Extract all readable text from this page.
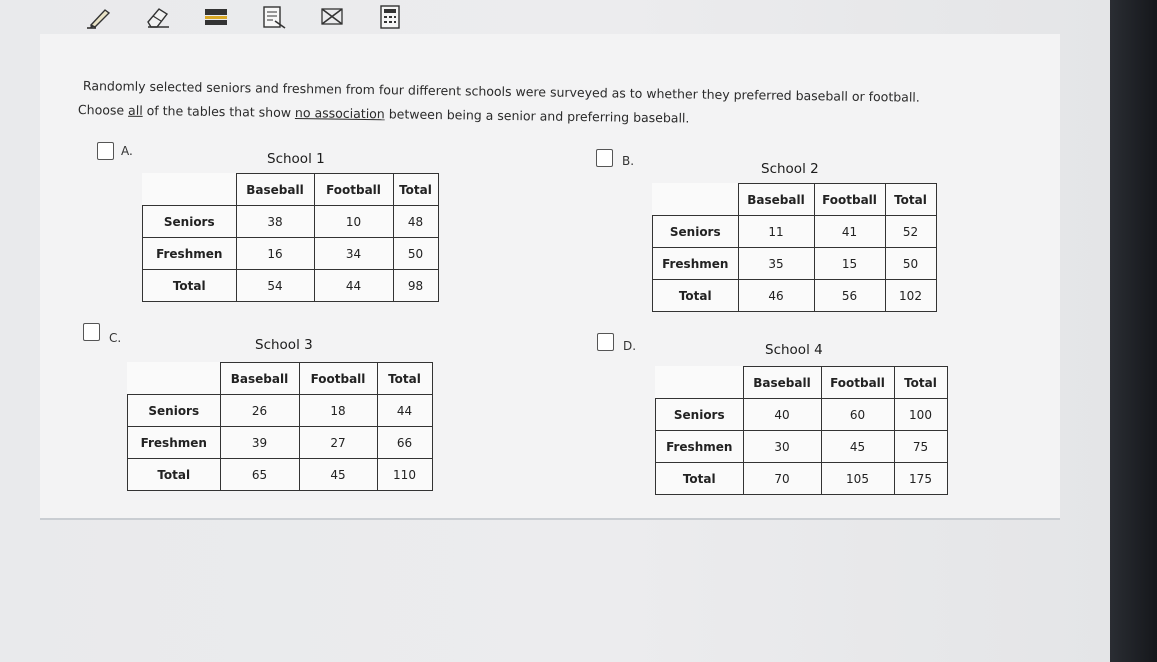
Randomly selected seniors and freshmen from four different schools were surveyed as to whether they preferred baseball or football.
Choose all of the tables that show no association between being a senior and preferring baseball.
A.	School 1
	Baseball	Football	Total
Seniors	38	10	48
Freshmen	16	34	50
Total	54	44	98
B.	School 2
	Baseball	Football	Total
Seniors	11	41	52
Freshmen	35	15	50
Total	46	56	102
C.	School 3
	Baseball	Football	Total
Seniors	26	18	44
Freshmen	39	27	66
Total	65	45	110
D.	School 4
	Baseball	Football	Total
Seniors	40	60	100
Freshmen	30	45	75
Total	70	105	175
